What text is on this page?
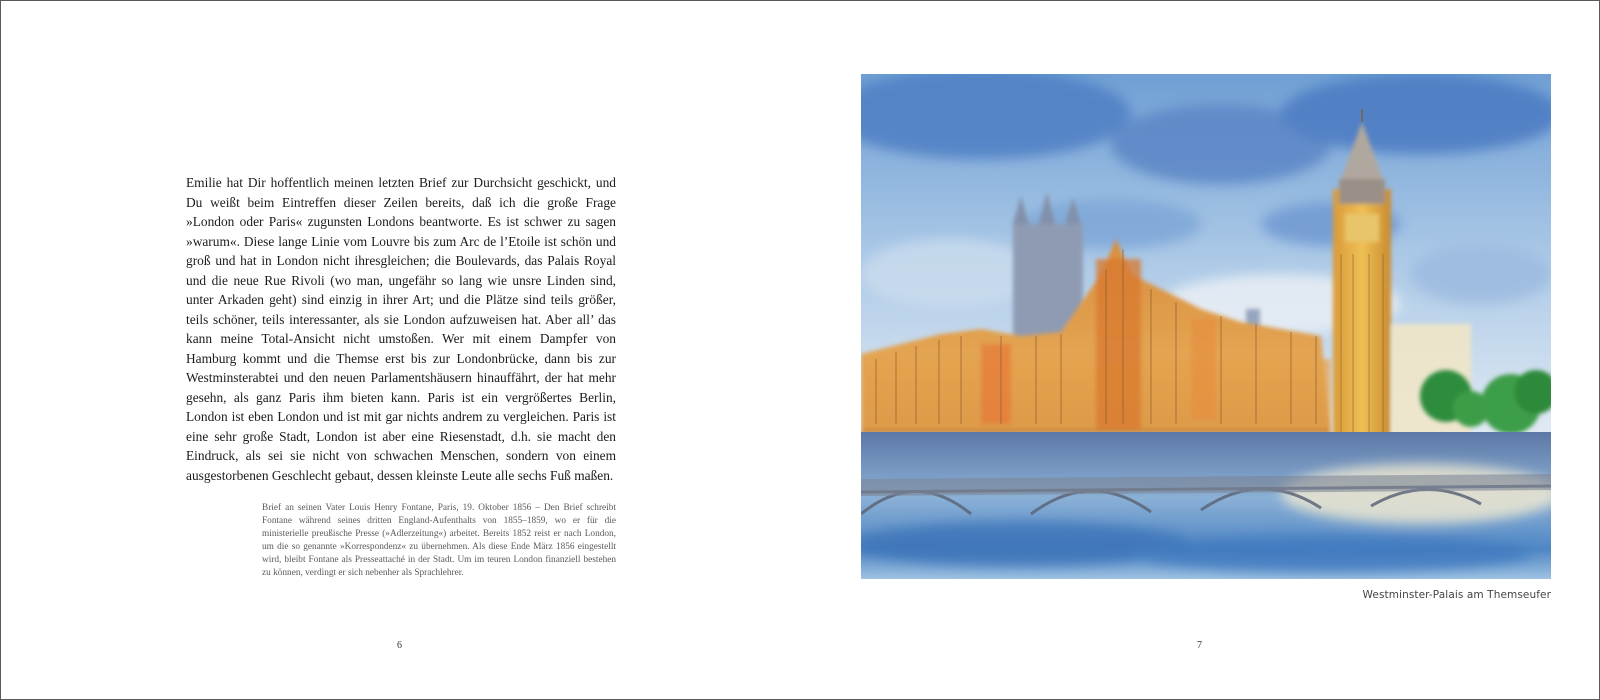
Emilie hat Dir hoffentlich meinen letzten Brief zur Durchsicht geschickt, und Du weißt beim Eintreffen dieser Zeilen bereits, daß ich die große Frage »London oder Paris« zugunsten Londons beantworte. Es ist schwer zu sagen »warum«. Diese lange Linie vom Louvre bis zum Arc de l’Etoile ist schön und groß und hat in London nicht ihresgleichen; die Boulevards, das Palais Royal und die neue Rue Rivoli (wo man, ungefähr so lang wie unsre Linden sind, unter Arkaden geht) sind einzig in ihrer Art; und die Plätze sind teils größer, teils schöner, teils interessanter, als sie London aufzuweisen hat. Aber all’ das kann meine Total-Ansicht nicht umstoßen. Wer mit einem Dampfer von Hamburg kommt und die Themse erst bis zur Londonbrücke, dann bis zur Westminsterabtei und den neuen Parlamentshäusern hinauffährt, der hat mehr gesehn, als ganz Paris ihm bieten kann. Paris ist ein vergrößertes Berlin, London ist eben London und ist mit gar nichts andrem zu vergleichen. Paris ist eine sehr große Stadt, London ist aber eine Riesenstadt, d.h. sie macht den Eindruck, als sei sie nicht von schwachen Menschen, sondern von einem ausgestorbenen Geschlecht gebaut, dessen kleinste Leute alle sechs Fuß maßen.

Brief an seinen Vater Louis Henry Fontane, Paris, 19. Oktober 1856 – Den Brief schreibt Fontane während seines dritten England-Aufenthalts von 1855–1859, wo er für die ministerielle preußische Presse (»Adlerzeitung«) arbeitet. Bereits 1852 reist er nach London, um die so genannte »Korrespondenz« zu übernehmen. Als diese Ende März 1856 eingestellt wird, bleibt Fontane als Presseattaché in der Stadt. Um im teuren London finanziell bestehen zu können, verdingt er sich nebenher als Sprachlehrer.

6
Westminster-Palais am Themseufer
7
